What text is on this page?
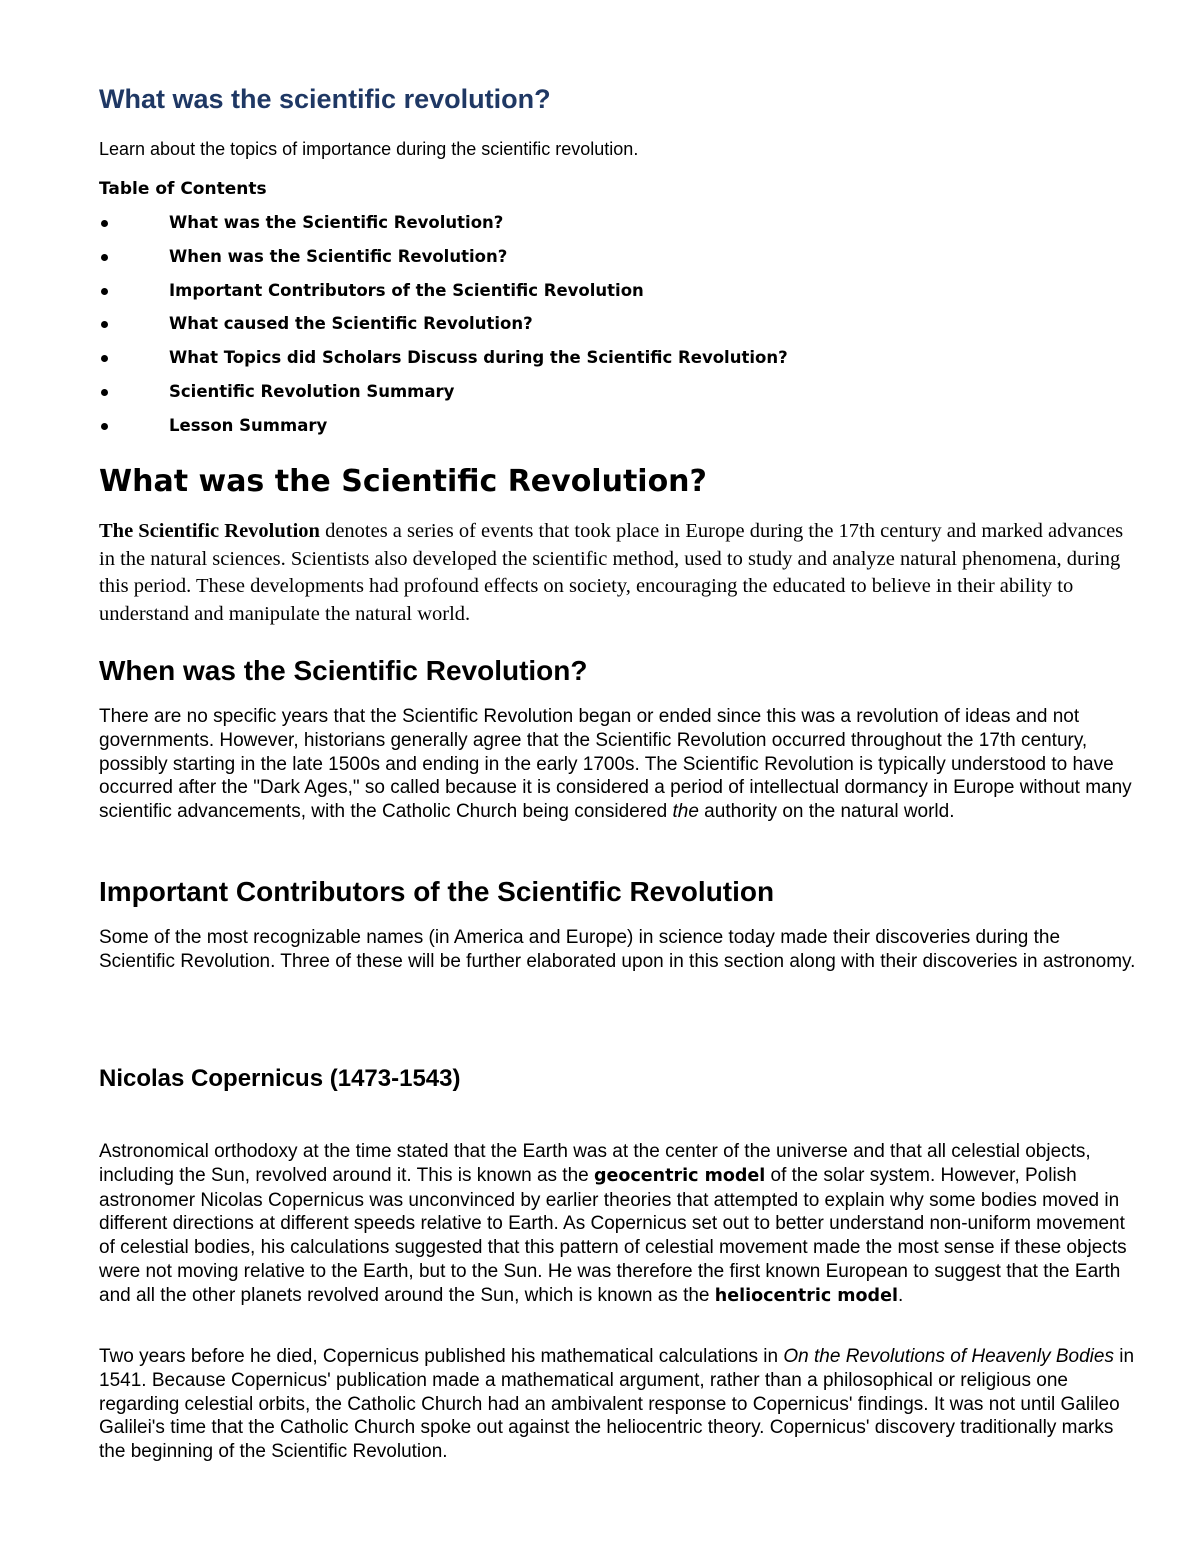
What was the scientific revolution?

Learn about the topics of importance during the scientific revolution.

Table of Contents

What was the Scientific Revolution?
When was the Scientific Revolution?
Important Contributors of the Scientific Revolution
What caused the Scientific Revolution?
What Topics did Scholars Discuss during the Scientific Revolution?
Scientific Revolution Summary
Lesson Summary
What was the Scientific Revolution?

The Scientific Revolution denotes a series of events that took place in Europe during the 17th century and marked advances in the natural sciences. Scientists also developed the scientific method, used to study and analyze natural phenomena, during this period. These developments had profound effects on society, encouraging the educated to believe in their ability to understand and manipulate the natural world.

When was the Scientific Revolution?

There are no specific years that the Scientific Revolution began or ended since this was a revolution of ideas and not governments. However, historians generally agree that the Scientific Revolution occurred throughout the 17th century, possibly starting in the late 1500s and ending in the early 1700s. The Scientific Revolution is typically understood to have occurred after the "Dark Ages," so called because it is considered a period of intellectual dormancy in Europe without many scientific advancements, with the Catholic Church being considered the authority on the natural world.

Important Contributors of the Scientific Revolution

Some of the most recognizable names (in America and Europe) in science today made their discoveries during the Scientific Revolution. Three of these will be further elaborated upon in this section along with their discoveries in astronomy.

Nicolas Copernicus (1473-1543)

Astronomical orthodoxy at the time stated that the Earth was at the center of the universe and that all celestial objects, including the Sun, revolved around it. This is known as the geocentric model of the solar system. However, Polish astronomer Nicolas Copernicus was unconvinced by earlier theories that attempted to explain why some bodies moved in different directions at different speeds relative to Earth. As Copernicus set out to better understand non-uniform movement of celestial bodies, his calculations suggested that this pattern of celestial movement made the most sense if these objects were not moving relative to the Earth, but to the Sun. He was therefore the first known European to suggest that the Earth and all the other planets revolved around the Sun, which is known as the heliocentric model.

Two years before he died, Copernicus published his mathematical calculations in On the Revolutions of Heavenly Bodies in 1541. Because Copernicus' publication made a mathematical argument, rather than a philosophical or religious one regarding celestial orbits, the Catholic Church had an ambivalent response to Copernicus' findings. It was not until Galileo Galilei's time that the Catholic Church spoke out against the heliocentric theory. Copernicus' discovery traditionally marks the beginning of the Scientific Revolution.
